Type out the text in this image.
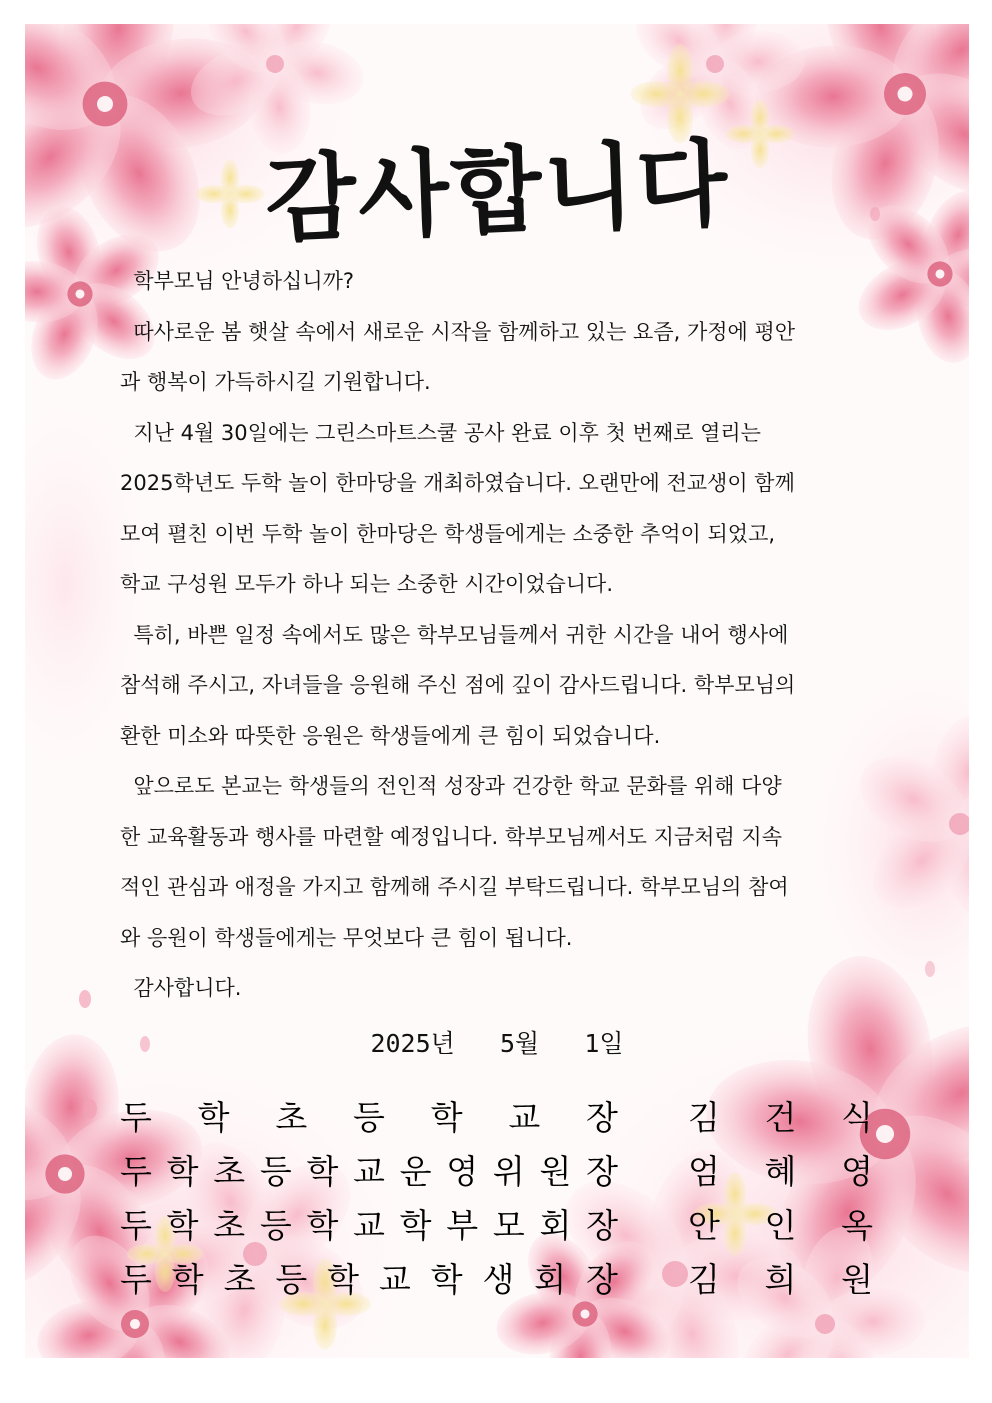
감사합니다
학부모님 안녕하십니까?
따사로운 봄 햇살 속에서 새로운 시작을 함께하고 있는 요즘, 가정에 평안
과 행복이 가득하시길 기원합니다.
지난 4월 30일에는 그린스마트스쿨 공사 완료 이후 첫 번째로 열리는
2025학년도 두학 놀이 한마당을 개최하였습니다. 오랜만에 전교생이 함께
모여 펼친 이번 두학 놀이 한마당은 학생들에게는 소중한 추억이 되었고,
학교 구성원 모두가 하나 되는 소중한 시간이었습니다.
특히, 바쁜 일정 속에서도 많은 학부모님들께서 귀한 시간을 내어 행사에
참석해 주시고, 자녀들을 응원해 주신 점에 깊이 감사드립니다. 학부모님의
환한 미소와 따뜻한 응원은 학생들에게 큰 힘이 되었습니다.
앞으로도 본교는 학생들의 전인적 성장과 건강한 학교 문화를 위해 다양
한 교육활동과 행사를 마련할 예정입니다. 학부모님께서도 지금처럼 지속
적인 관심과 애정을 가지고 함께해 주시길 부탁드립니다. 학부모님의 참여
와 응원이 학생들에게는 무엇보다 큰 힘이 됩니다.
감사합니다.
2025년   5월   1일
두 학 초 등 학 교 장 김 건 식
두 학 초 등 학 교 운 영 위 원 장 엄 혜 영
두 학 초 등 학 교 학 부 모 회 장 안 인 옥
두 학 초 등 학 교 학 생 회 장 김 희 원
